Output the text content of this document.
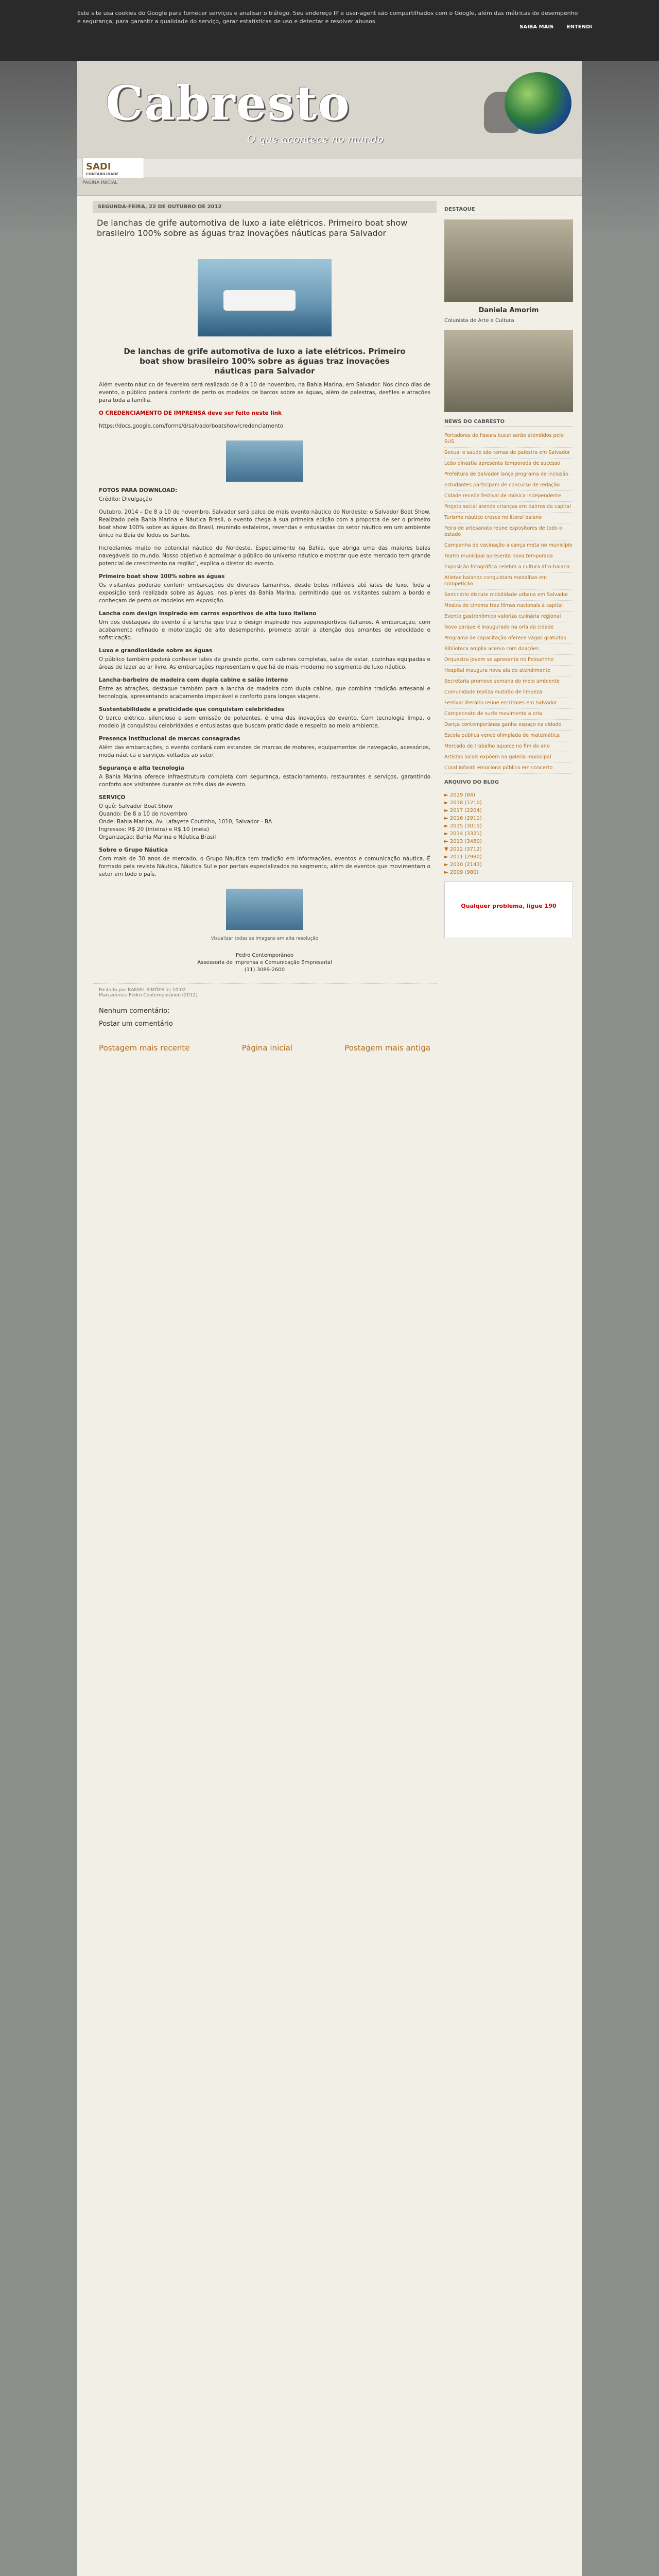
Este site usa cookies do Google para fornecer serviços e analisar o tráfego. Seu endereço IP e user-agent são compartilhados com o Google, além das métricas de desempenho e segurança, para garantir a qualidade do serviço, gerar estatísticas de uso e detectar e resolver abusos.
SAIBA MAIS	ENTENDI
Cabresto
O que acontece no mundo
SADI
CONTABILIDADE
PÁGINA INICIAL
SEGUNDA-FEIRA, 22 DE OUTUBRO DE 2012
De lanchas de grife automotiva de luxo a iate elétricos. Primeiro boat show brasileiro 100% sobre as águas traz inovações náuticas para Salvador
De lanchas de grife automotiva de luxo a iate elétricos. Primeiro boat show brasileiro 100% sobre as águas traz inovações náuticas para Salvador

Além evento náutico de fevereiro será realizado de 8 a 10 de novembro, na Bahia Marina, em Salvador. Nos cinco dias de evento, o público poderá conferir de perto os modelos de barcos sobre as águas, além de palestras, desfiles e atrações para toda a família.

O CREDENCIAMENTO DE IMPRENSA deve ser feito neste link

https://docs.google.com/forms/d/salvadorboatshow/credenciamento

FOTOS PARA DOWNLOAD:

Crédito: Divulgação

Outubro, 2014 – De 8 a 10 de novembro, Salvador será palco de mais evento náutico do Nordeste: o Salvador Boat Show. Realizado pela Bahia Marina e Náutica Brasil, o evento chega à sua primeira edição com a proposta de ser o primeiro boat show 100% sobre as águas do Brasil, reunindo estaleiros, revendas e entusiastas do setor náutico em um ambiente único na Baía de Todos os Santos.

Incrediamos muito no potencial náutico do Nordeste. Especialmente na Bahia, que abriga uma das maiores baías navegáveis do mundo. Nosso objetivo é aproximar o público do universo náutico e mostrar que este mercado tem grande potencial de crescimento na região", explica o diretor do evento.

Primeiro boat show 100% sobre as águas

Os visitantes poderão conferir embarcações de diversos tamanhos, desde botes infláveis até iates de luxo. Toda a exposição será realizada sobre as águas, nos píeres da Bahia Marina, permitindo que os visitantes subam a bordo e conheçam de perto os modelos em exposição.

Lancha com design inspirado em carros esportivos de alta luxo italiano

Um dos destaques do evento é a lancha que traz o design inspirado nos superesportivos italianos. A embarcação, com acabamento refinado e motorização de alto desempenho, promete atrair a atenção dos amantes de velocidade e sofisticação.

Luxo e grandiosidade sobre as águas

O público também poderá conhecer iates de grande porte, com cabines completas, salas de estar, cozinhas equipadas e áreas de lazer ao ar livre. As embarcações representam o que há de mais moderno no segmento de luxo náutico.

Lancha-barbeiro de madeira com dupla cabine e salão interno

Entre as atrações, destaque também para a lancha de madeira com dupla cabine, que combina tradição artesanal e tecnologia, apresentando acabamento impecável e conforto para longas viagens.

Sustentabilidade e praticidade que conquistam celebridades

O barco elétrico, silencioso e sem emissão de poluentes, é uma das inovações do evento. Com tecnologia limpa, o modelo já conquistou celebridades e entusiastas que buscam praticidade e respeito ao meio ambiente.

Presença institucional de marcas consagradas

Além das embarcações, o evento contará com estandes de marcas de motores, equipamentos de navegação, acessórios, moda náutica e serviços voltados ao setor.

Segurança e alta tecnologia

A Bahia Marina oferece infraestrutura completa com segurança, estacionamento, restaurantes e serviços, garantindo conforto aos visitantes durante os três dias de evento.

SERVIÇO
O quê: Salvador Boat Show
Quando: De 8 a 10 de novembro
Onde: Bahia Marina, Av. Lafayete Coutinho, 1010, Salvador - BA
Ingressos: R$ 20 (inteira) e R$ 10 (meia)
Organização: Bahia Marina e Náutica Brasil
Sobre o Grupo Náutica

Com mais de 30 anos de mercado, o Grupo Náutica tem tradição em informações, eventos e comunicação náutica. É formado pela revista Náutica, Náutica Sul e por portais especializados no segmento, além de eventos que movimentam o setor em todo o país.

Visualizar todas as imagens em alta resolução
Pedro Contemporâneo
Assessoria de Imprensa e Comunicação Empresarial
(11) 3089-2600
Postado por RAFAEL SIMÕES às 10:02
Marcadores: Pedro Contemporâneo (2012)
Nenhum comentário:
Postar um comentário
Postagem mais recente	Página inicial	Postagem mais antiga
DESTAQUE
Daniela Amorim
Colunista de Arte e Cultura
NEWS DO CABRESTO
Portadores de fissura bucal serão atendidos pelo SUS
Sexual e saúde são temas de palestra em Salvador
Leão dinastia apresenta temporada de sucesso
Prefeitura de Salvador lança programa de inclusão
Estudantes participam de concurso de redação
Cidade recebe festival de música independente
Projeto social atende crianças em bairros da capital
Turismo náutico cresce no litoral baiano
Feira de artesanato reúne expositores de todo o estado
Campanha de vacinação alcança meta no município
Teatro municipal apresenta nova temporada
Exposição fotográfica celebra a cultura afro-baiana
Atletas baianos conquistam medalhas em competição
Seminário discute mobilidade urbana em Salvador
Mostra de cinema traz filmes nacionais à capital
Evento gastronômico valoriza culinária regional
Novo parque é inaugurado na orla da cidade
Programa de capacitação oferece vagas gratuitas
Biblioteca amplia acervo com doações
Orquestra jovem se apresenta no Pelourinho
Hospital inaugura nova ala de atendimento
Secretaria promove semana do meio ambiente
Comunidade realiza mutirão de limpeza
Festival literário reúne escritores em Salvador
Campeonato de surfe movimenta a orla
Dança contemporânea ganha espaço na cidade
Escola pública vence olimpíada de matemática
Mercado de trabalho aquece no fim do ano
Artistas locais expõem na galeria municipal
Coral infantil emociona público em concerto
ARQUIVO DO BLOG
► 2019 (84)
► 2018 (1210)
► 2017 (2204)
► 2016 (2911)
► 2015 (3015)
► 2014 (3321)
► 2013 (3480)
▼ 2012 (3712)
► 2011 (2980)
► 2010 (2143)
► 2009 (980)
Qualquer problema, ligue 190
